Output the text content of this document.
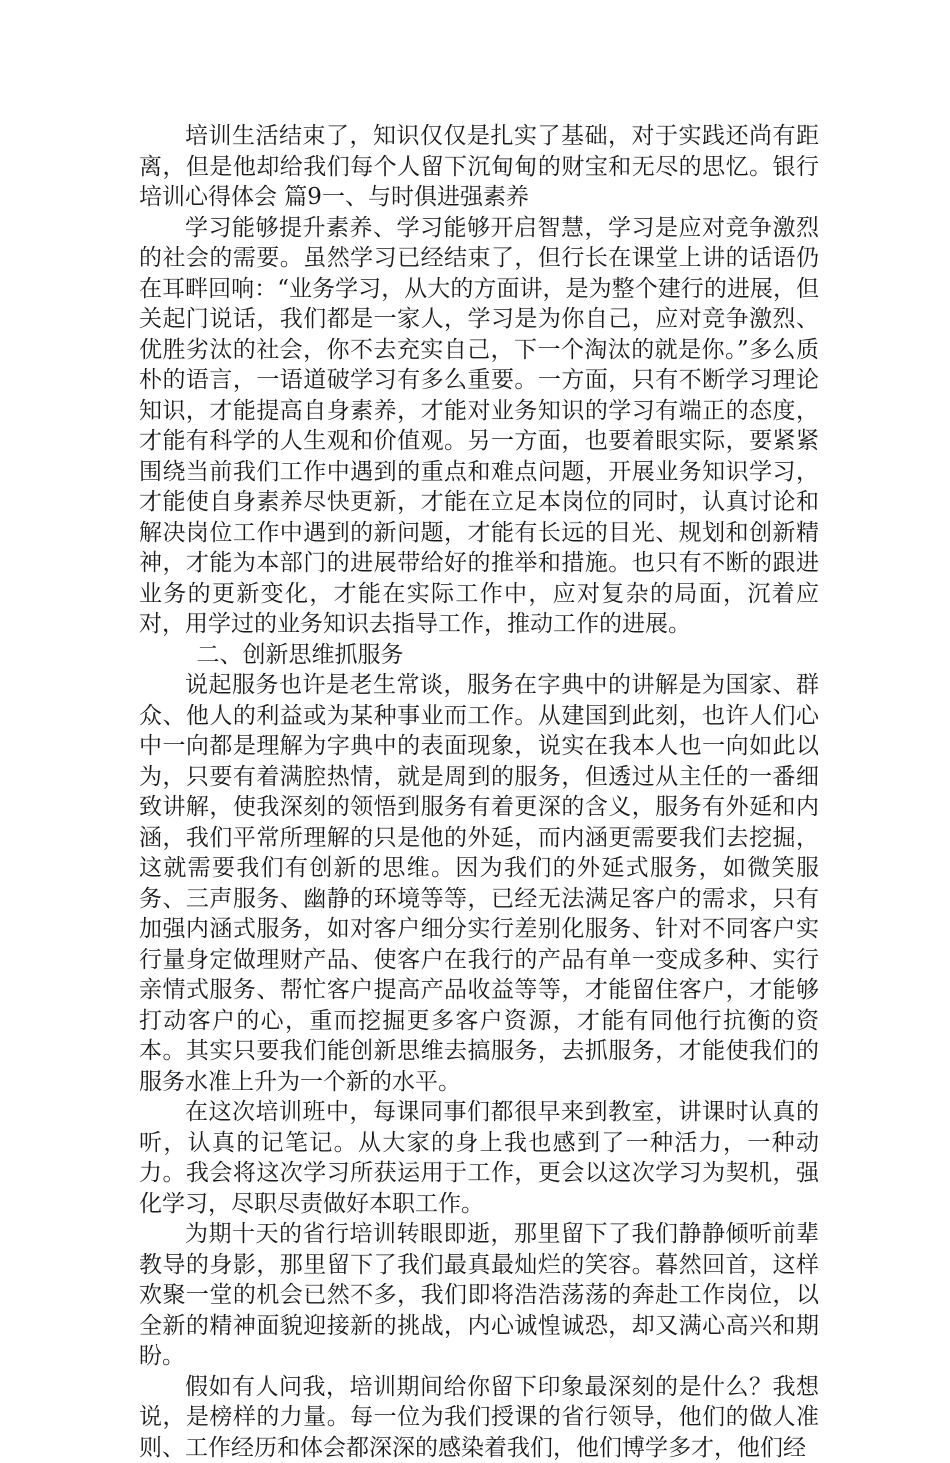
培训生活结束了，知识仅仅是扎实了基础，对于实践还尚有距离，但是他却给我们每个人留下沉甸甸的财宝和无尽的思忆。银行培训心得体会 篇9一、与时俱进强素养

学习能够提升素养、学习能够开启智慧，学习是应对竞争激烈的社会的需要。虽然学习已经结束了，但行长在课堂上讲的话语仍在耳畔回响：“业务学习，从大的方面讲，是为整个建行的进展，但关起门说话，我们都是一家人，学习是为你自己，应对竞争激烈、优胜劣汰的社会，你不去充实自己，下一个淘汰的就是你。”多么质朴的语言，一语道破学习有多么重要。一方面，只有不断学习理论知识，才能提高自身素养，才能对业务知识的学习有端正的态度，才能有科学的人生观和价值观。另一方面，也要着眼实际，要紧紧围绕当前我们工作中遇到的重点和难点问题，开展业务知识学习，才能使自身素养尽快更新，才能在立足本岗位的同时，认真讨论和解决岗位工作中遇到的新问题，才能有长远的目光、规划和创新精神，才能为本部门的进展带给好的推举和措施。也只有不断的跟进业务的更新变化，才能在实际工作中，应对复杂的局面，沉着应对，用学过的业务知识去指导工作，推动工作的进展。

二、创新思维抓服务

说起服务也许是老生常谈，服务在字典中的讲解是为国家、群众、他人的利益或为某种事业而工作。从建国到此刻，也许人们心中一向都是理解为字典中的表面现象，说实在我本人也一向如此以为，只要有着满腔热情，就是周到的服务，但透过从主任的一番细致讲解，使我深刻的领悟到服务有着更深的含义，服务有外延和内涵，我们平常所理解的只是他的外延，而内涵更需要我们去挖掘，这就需要我们有创新的思维。因为我们的外延式服务，如微笑服务、三声服务、幽静的环境等等，已经无法满足客户的需求，只有加强内涵式服务，如对客户细分实行差别化服务、针对不同客户实行量身定做理财产品、使客户在我行的产品有单一变成多种、实行亲情式服务、帮忙客户提高产品收益等等，才能留住客户，才能够打动客户的心，重而挖掘更多客户资源，才能有同他行抗衡的资本。其实只要我们能创新思维去搞服务，去抓服务，才能使我们的服务水准上升为一个新的水平。

在这次培训班中，每课同事们都很早来到教室，讲课时认真的听，认真的记笔记。从大家的身上我也感到了一种活力，一种动力。我会将这次学习所获运用于工作，更会以这次学习为契机，强化学习，尽职尽责做好本职工作。

为期十天的省行培训转眼即逝，那里留下了我们静静倾听前辈教导的身影，那里留下了我们最真最灿烂的笑容。暮然回首，这样欢聚一堂的机会已然不多，我们即将浩浩荡荡的奔赴工作岗位，以全新的精神面貌迎接新的挑战，内心诚惶诚恐，却又满心高兴和期盼。

假如有人问我，培训期间给你留下印象最深刻的是什么？我想说，是榜样的力量。每一位为我们授课的省行领导，他们的做人准则、工作经历和体会都深深的感染着我们，他们博学多才，他们经
